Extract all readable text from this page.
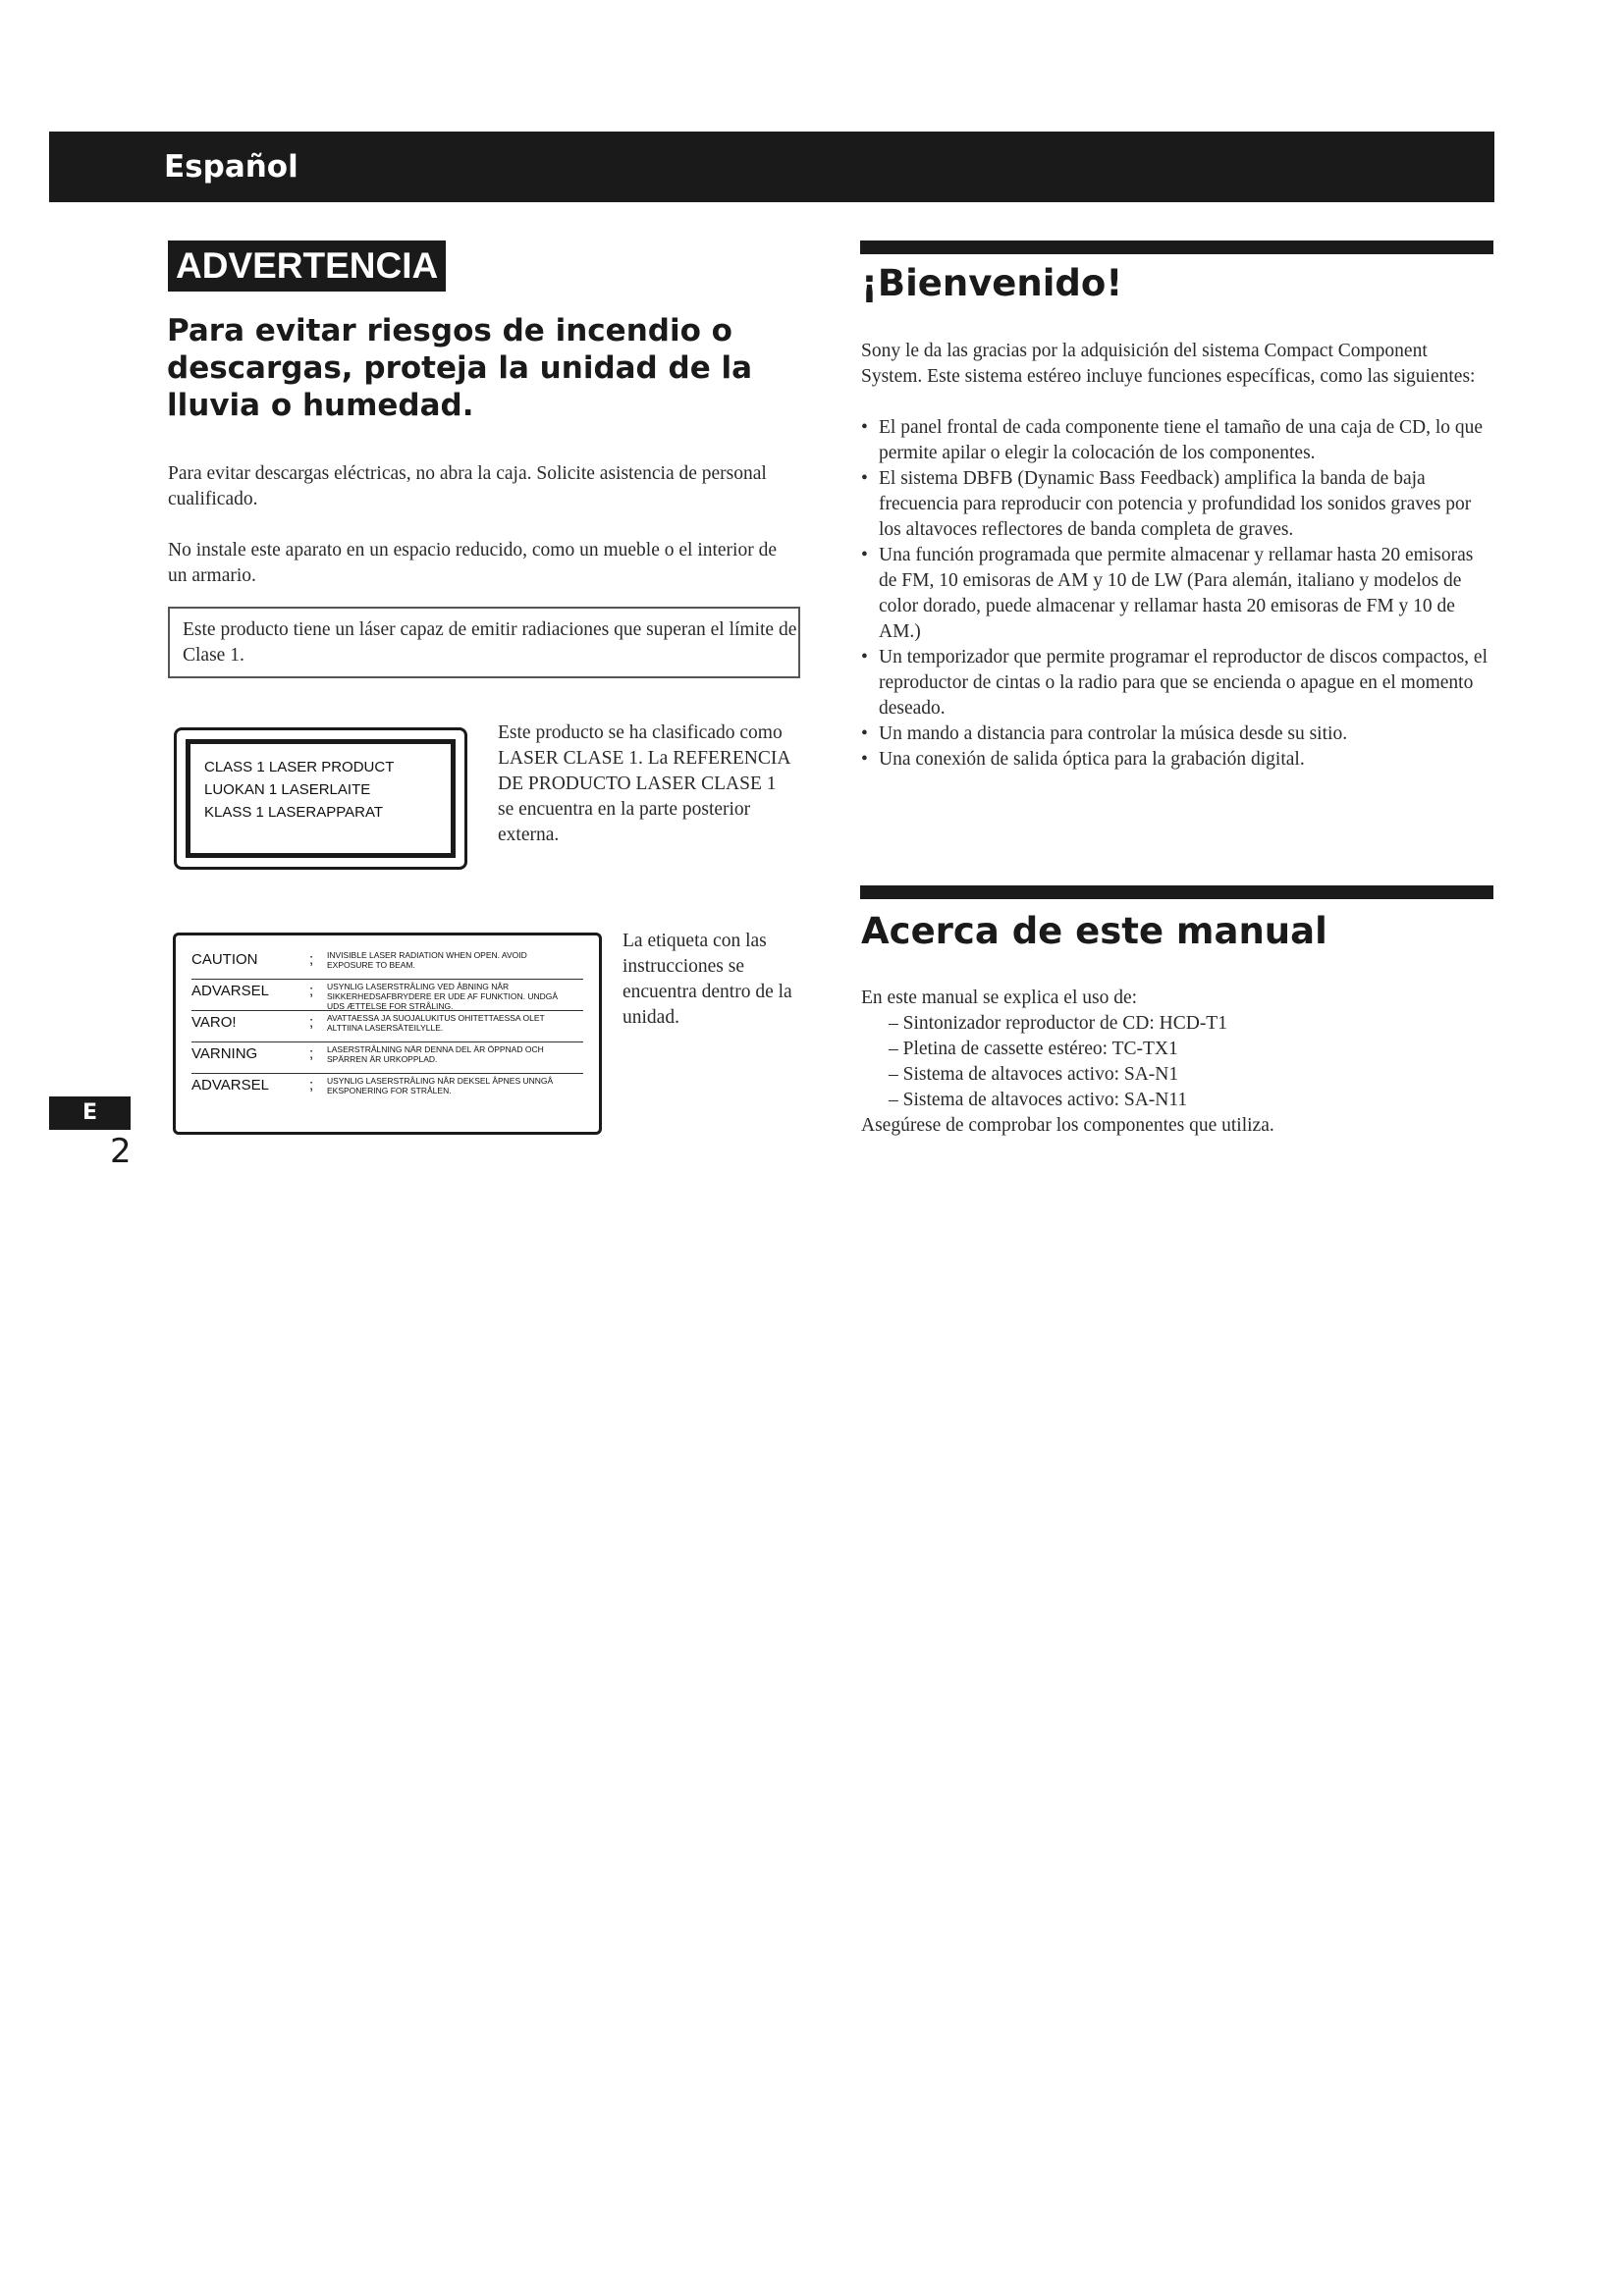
Español
ADVERTENCIA
Para evitar riesgos de incendio o descargas, proteja la unidad de la lluvia o humedad.
Para evitar descargas eléctricas, no abra la caja. Solicite asistencia de personal cualificado.
No instale este aparato en un espacio reducido, como un mueble o el interior de un armario.
Este producto tiene un láser capaz de emitir radiaciones que superan el límite de Clase 1.
CLASS 1 LASER PRODUCT
LUOKAN 1 LASERLAITE
KLASS 1 LASERAPPARAT
Este producto se ha clasificado como LASER CLASE 1. La REFERENCIA DE PRODUCTO LASER CLASE 1 se encuentra en la parte posterior externa.
CAUTION	; INVISIBLE LASER RADIATION WHEN OPEN. AVOID EXPOSURE TO BEAM.
ADVARSEL	; USYNLIG LASERSTRÅLING VED ÅBNING NÅR SIKKERHEDSAFBRYDERE ER UDE AF FUNKTION. UNDGÅ UDS ÆTTELSE FOR STRÅLING.
VARO!	; AVATTAESSA JA SUOJALUKITUS OHITETTAESSA OLET ALTTIINA LASERSÄTEILYLLE.
VARNING	; LASERSTRÅLNING NÄR DENNA DEL ÄR ÖPPNAD OCH SPÄRREN ÄR URKOPPLAD.
ADVARSEL	; USYNLIG LASERSTRÅLING NÅR DEKSEL ÅPNES UNNGÅ EKSPONERING FOR STRÅLEN.
La etiqueta con las instrucciones se encuentra dentro de la unidad.
¡Bienvenido!
Sony le da las gracias por la adquisición del sistema Compact Component System. Este sistema estéreo incluye funciones específicas, como las siguientes:
• El panel frontal de cada componente tiene el tamaño de una caja de CD, lo que permite apilar o elegir la colocación de los componentes.
• El sistema DBFB (Dynamic Bass Feedback) amplifica la banda de baja frecuencia para reproducir con potencia y profundidad los sonidos graves por los altavoces reflectores de banda completa de graves.
• Una función programada que permite almacenar y rellamar hasta 20 emisoras de FM, 10 emisoras de AM y 10 de LW (Para alemán, italiano y modelos de color dorado, puede almacenar y rellamar hasta 20 emisoras de FM y 10 de AM.)
• Un temporizador que permite programar el reproductor de discos compactos, el reproductor de cintas o la radio para que se encienda o apague en el momento deseado.
• Un mando a distancia para controlar la música desde su sitio.
• Una conexión de salida óptica para la grabación digital.
Acerca de este manual
En este manual se explica el uso de:
– Sintonizador reproductor de CD: HCD-T1
– Pletina de cassette estéreo: TC-TX1
– Sistema de altavoces activo: SA-N1
– Sistema de altavoces activo: SA-N11
Asegúrese de comprobar los componentes que utiliza.
E
2
